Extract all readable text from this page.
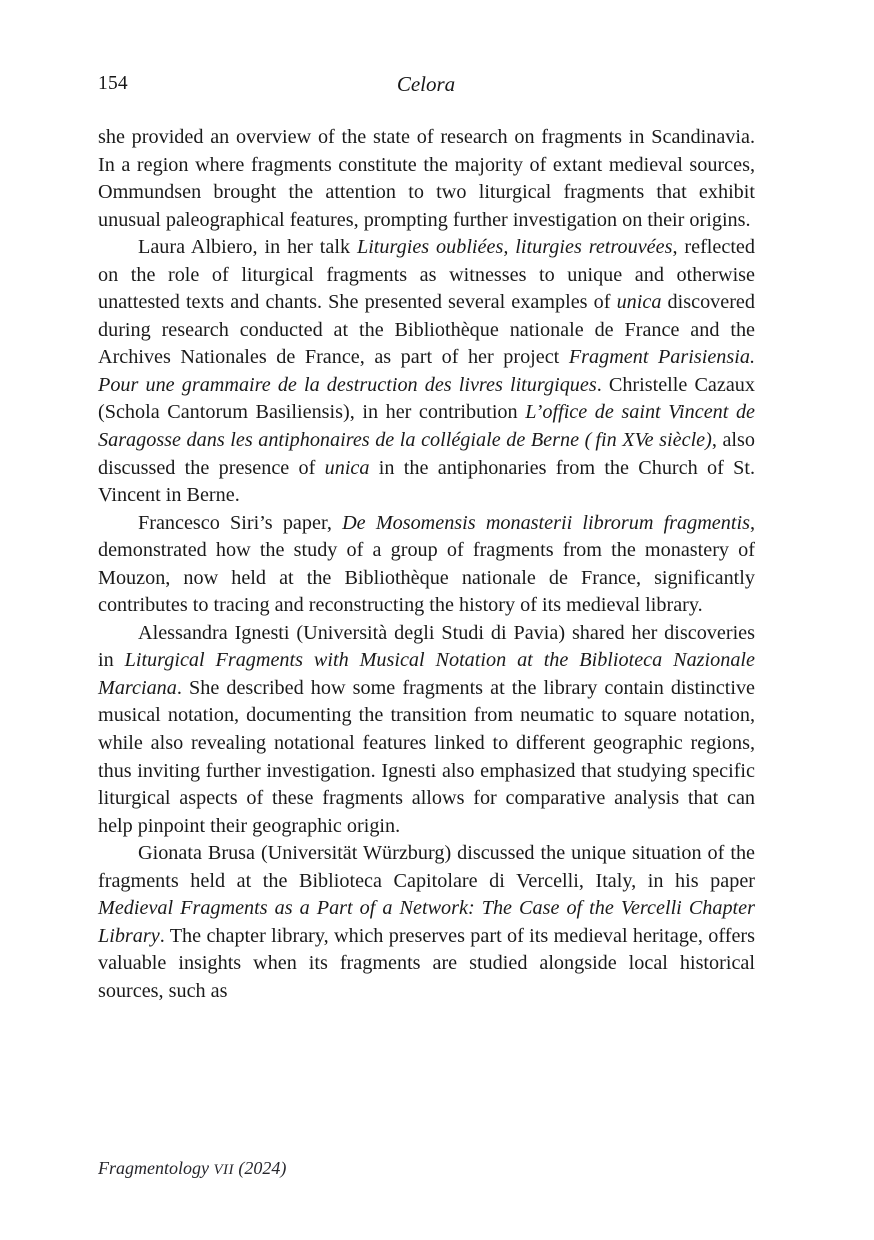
154	Celora

she provided an overview of the state of research on fragments in Scandinavia. In a region where fragments constitute the majority of extant medieval sources, Ommundsen brought the attention to two liturgical fragments that exhibit unusual paleographical features, prompting further investigation on their origins.

Laura Albiero, in her talk Liturgies oubliées, liturgies retrouvées, reflected on the role of liturgical fragments as witnesses to unique and otherwise unattested texts and chants. She presented several examples of unica discovered during research conducted at the Bibliothèque nationale de France and the Archives Nationales de France, as part of her project Fragment Parisiensia. Pour une grammaire de la destruction des livres liturgiques. Christelle Cazaux (Schola Cantorum Basiliensis), in her contribution L’office de saint Vincent de Saragosse dans les antiphonaires de la collégiale de Berne ( fin XVe siècle), also discussed the presence of unica in the antiphonaries from the Church of St. Vincent in Berne.

Francesco Siri’s paper, De Mosomensis monasterii librorum fragmentis, demonstrated how the study of a group of fragments from the monastery of Mouzon, now held at the Bibliothèque nationale de France, significantly contributes to tracing and reconstructing the history of its medieval library.

Alessandra Ignesti (Università degli Studi di Pavia) shared her discoveries in Liturgical Fragments with Musical Notation at the Biblioteca Nazionale Marciana. She described how some fragments at the library contain distinctive musical notation, documenting the transition from neumatic to square notation, while also revealing notational features linked to different geographic regions, thus inviting further investigation. Ignesti also emphasized that studying specific liturgical aspects of these fragments allows for comparative analysis that can help pinpoint their geographic origin.

Gionata Brusa (Universität Würzburg) discussed the unique situation of the fragments held at the Biblioteca Capitolare di Vercelli, Italy, in his paper Medieval Fragments as a Part of a Network: The Case of the Vercelli Chapter Library. The chapter library, which preserves part of its medieval heritage, offers valuable insights when its fragments are studied alongside local historical sources, such as

Fragmentology VII (2024)
